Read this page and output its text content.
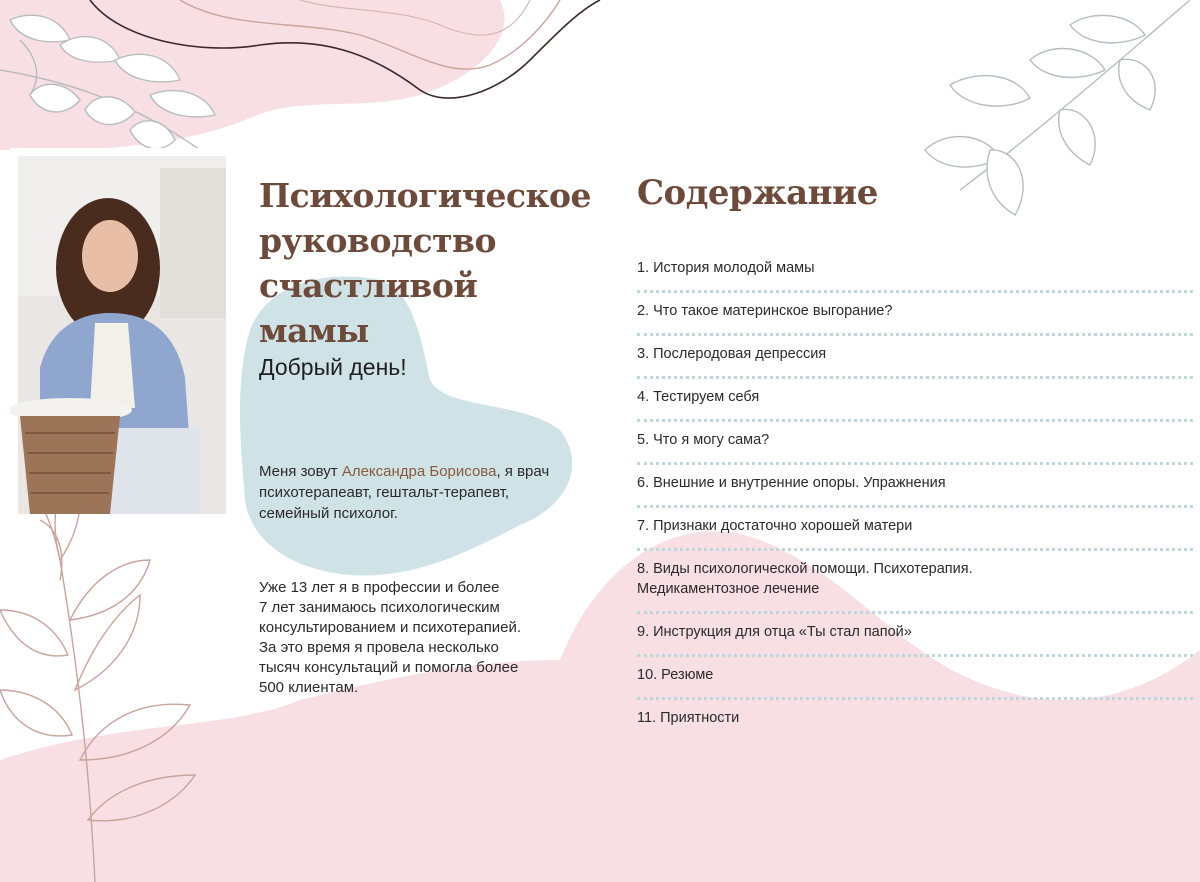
Психологическое руководство счастливой мамы

Добрый день!

Меня зовут Александра Борисова, я врач психотерапеавт, гештальт-терапевт, семейный психолог.

Уже 13 лет я в профессии и более
7 лет занимаюсь психологическим
консультированием и психотерапией.
За это время я провела несколько
тысяч консультаций и помогла более
500 клиентам.

Содержание
1. История молодой мамы
2. Что такое материнское выгорание?
3. Послеродовая депрессия
4. Тестируем себя
5. Что я могу сама?
6. Внешние и внутренние опоры. Упражнения
7. Признаки достаточно хорошей матери
8. Виды психологической помощи. Психотерапия.
Медикаментозное лечение
9. Инструкция для отца «Ты стал папой»
10. Резюме
11. Приятности
